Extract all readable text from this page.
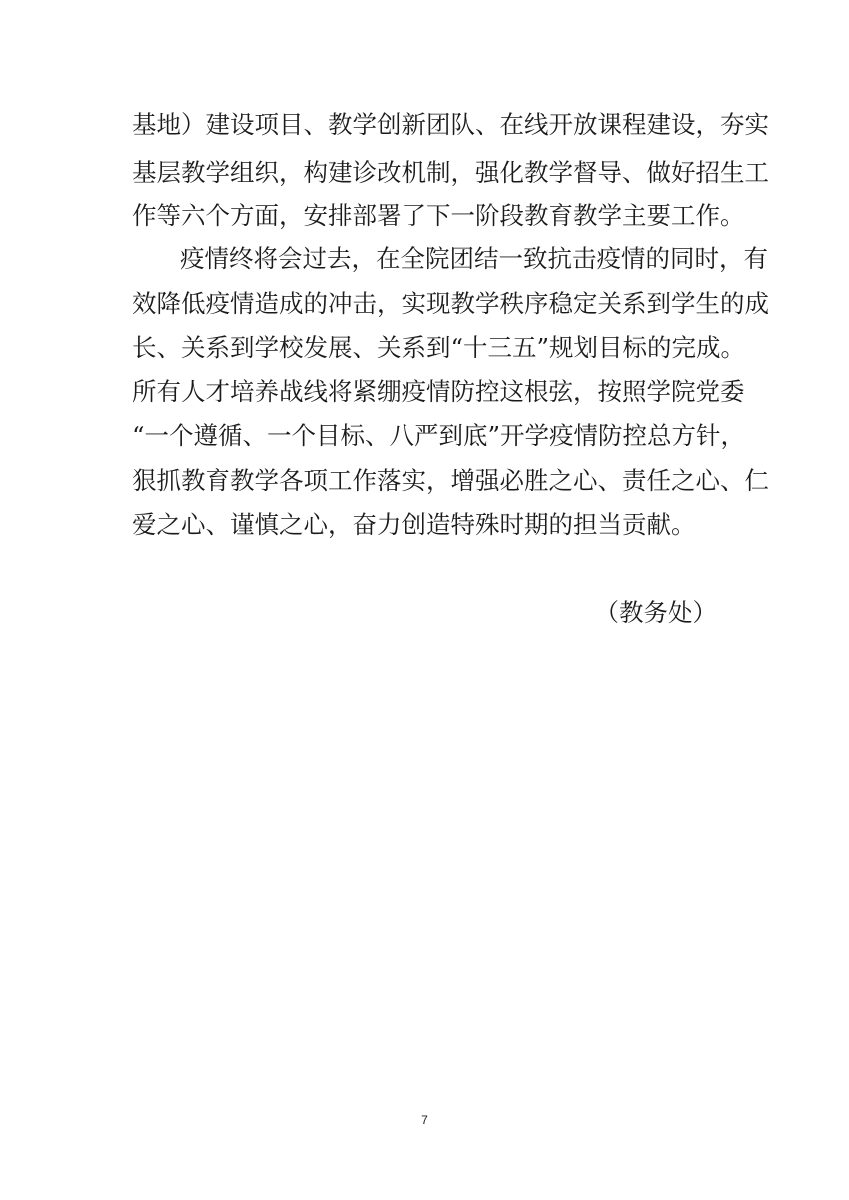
基地）建设项目、教学创新团队、在线开放课程建设，夯实
基层教学组织，构建诊改机制，强化教学督导、做好招生工
作等六个方面，安排部署了下一阶段教育教学主要工作。
疫情终将会过去，在全院团结一致抗击疫情的同时，有
效降低疫情造成的冲击，实现教学秩序稳定关系到学生的成
长、关系到学校发展、关系到“十三五”规划目标的完成。
所有人才培养战线将紧绷疫情防控这根弦，按照学院党委
“一个遵循、一个目标、八严到底”开学疫情防控总方针，
狠抓教育教学各项工作落实，增强必胜之心、责任之心、仁
爱之心、谨慎之心，奋力创造特殊时期的担当贡献。
（教务处）
7
